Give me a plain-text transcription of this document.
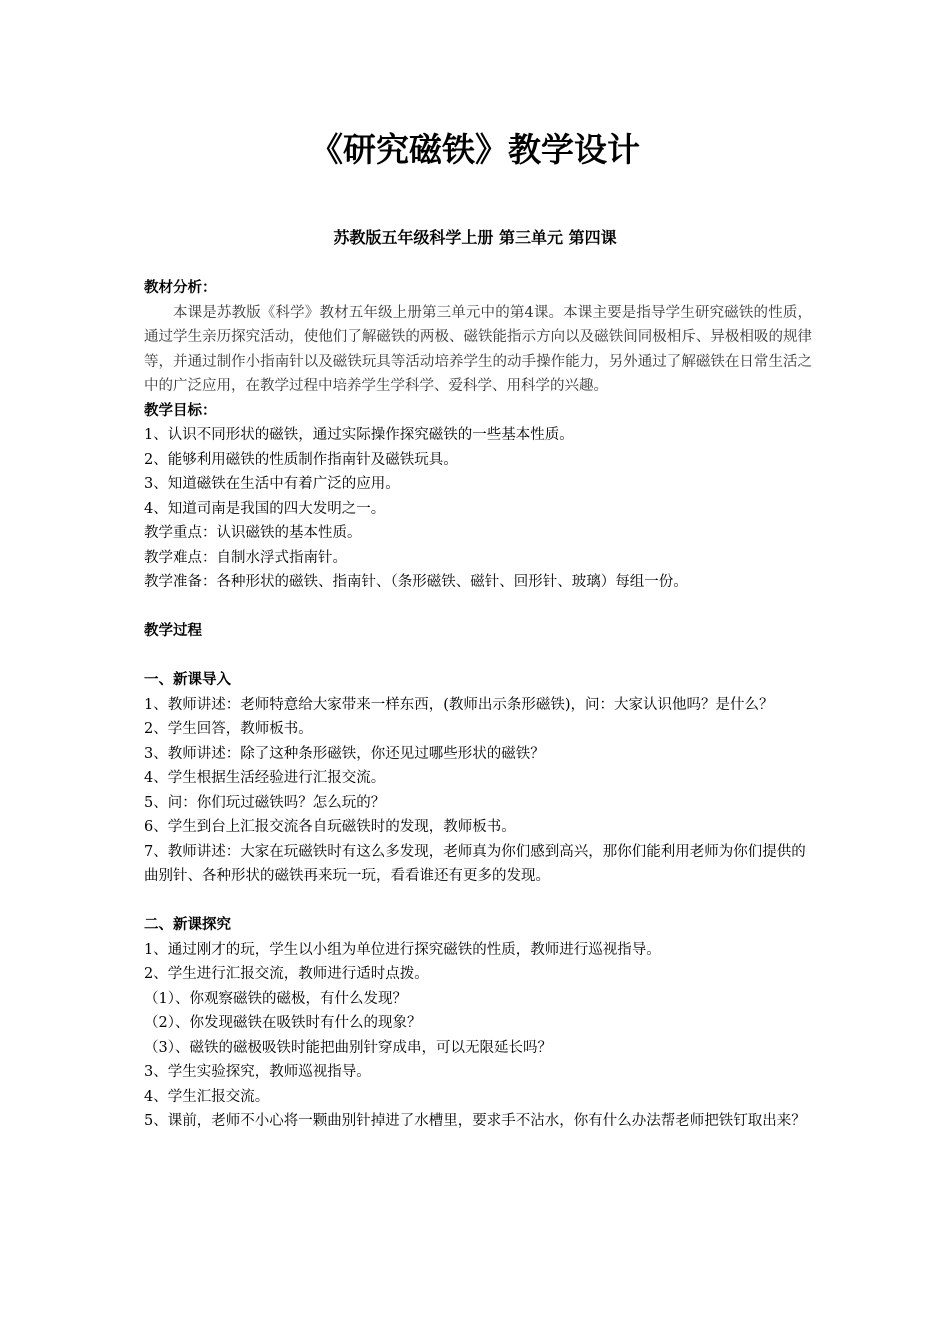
《研究磁铁》教学设计
苏教版五年级科学上册 第三单元 第四课

教材分析：

本课是苏教版《科学》教材五年级上册第三单元中的第4课。本课主要是指导学生研究磁铁的性质，通过学生亲历探究活动，使他们了解磁铁的两极、磁铁能指示方向以及磁铁间同极相斥、异极相吸的规律等，并通过制作小指南针以及磁铁玩具等活动培养学生的动手操作能力，另外通过了解磁铁在日常生活之中的广泛应用，在教学过程中培养学生学科学、爱科学、用科学的兴趣。

教学目标：

1、认识不同形状的磁铁，通过实际操作探究磁铁的一些基本性质。

2、能够利用磁铁的性质制作指南针及磁铁玩具。

3、知道磁铁在生活中有着广泛的应用。

4、知道司南是我国的四大发明之一。

教学重点：认识磁铁的基本性质。

教学难点：自制水浮式指南针。

教学准备：各种形状的磁铁、指南针、（条形磁铁、磁针、回形针、玻璃）每组一份。

教学过程

一、新课导入

1、教师讲述：老师特意给大家带来一样东西，(教师出示条形磁铁)，问：大家认识他吗？是什么？

2、学生回答，教师板书。

3、教师讲述：除了这种条形磁铁，你还见过哪些形状的磁铁？

4、学生根据生活经验进行汇报交流。

5、问：你们玩过磁铁吗？怎么玩的？

6、学生到台上汇报交流各自玩磁铁时的发现，教师板书。

7、教师讲述：大家在玩磁铁时有这么多发现，老师真为你们感到高兴，那你们能利用老师为你们提供的曲别针、各种形状的磁铁再来玩一玩，看看谁还有更多的发现。

二、新课探究

1、通过刚才的玩，学生以小组为单位进行探究磁铁的性质，教师进行巡视指导。

2、学生进行汇报交流，教师进行适时点拨。

（1）、你观察磁铁的磁极，有什么发现？

（2）、你发现磁铁在吸铁时有什么的现象？

（3）、磁铁的磁极吸铁时能把曲别针穿成串，可以无限延长吗？

3、学生实验探究，教师巡视指导。

4、学生汇报交流。

5、课前，老师不小心将一颗曲别针掉进了水槽里，要求手不沾水，你有什么办法帮老师把铁钉取出来？
